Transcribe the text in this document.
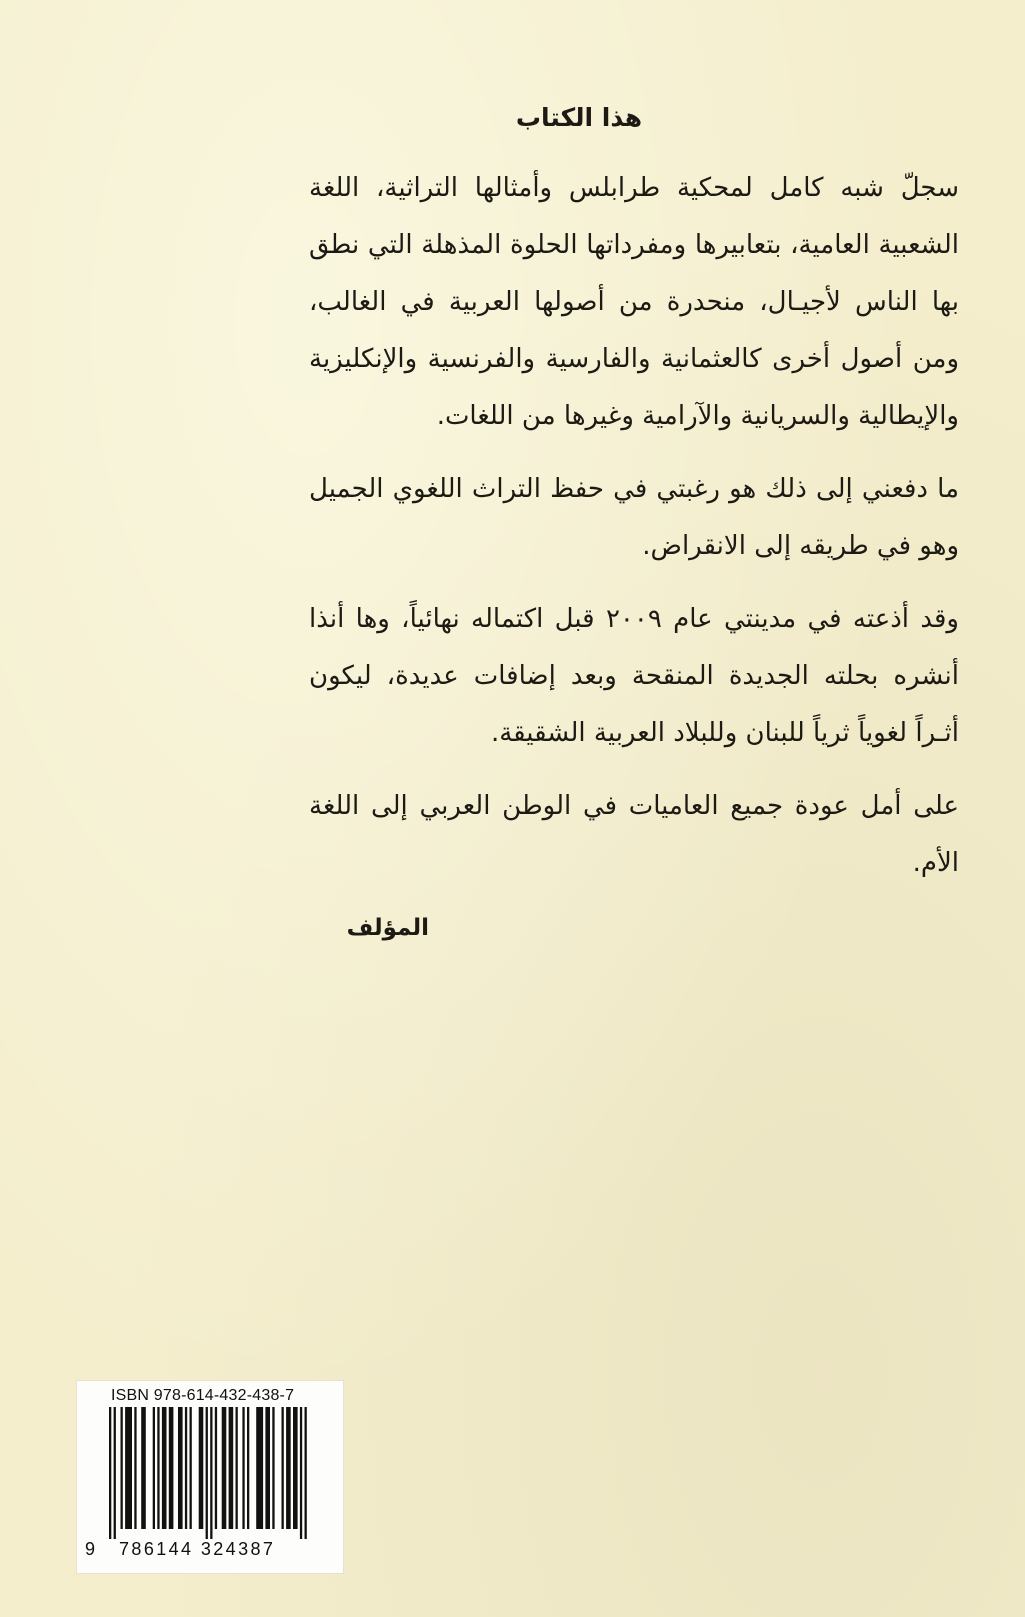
هذا الكتاب

سجلّ شبه كامل لمحكية طرابلس وأمثالها التراثية، اللغة الشعبية العامية، بتعابيرها ومفرداتها الحلوة المذهلة التي نطق بها الناس لأجيـال، منحدرة من أصولها العربية في الغالب، ومن أصول أخرى كالعثمانية والفارسية والفرنسية والإنكليزية والإيطالية والسريانية والآرامية وغيرها من اللغات.

ما دفعني إلى ذلك هو رغبتي في حفظ التراث اللغوي الجميل وهو في طريقه إلى الانقراض.

وقد أذعته في مدينتي عام ٢٠٠٩ قبل اكتماله نهائياً، وها أنذا أنشره بحلته الجديدة المنقحة وبعد إضافات عديدة، ليكون أثـراً لغوياً ثرياً للبنان وللبلاد العربية الشقيقة.

على أمل عودة جميع العاميات في الوطن العربي إلى اللغة الأم.

المؤلف
ISBN 978-614-432-438-7
9 786144 324387
